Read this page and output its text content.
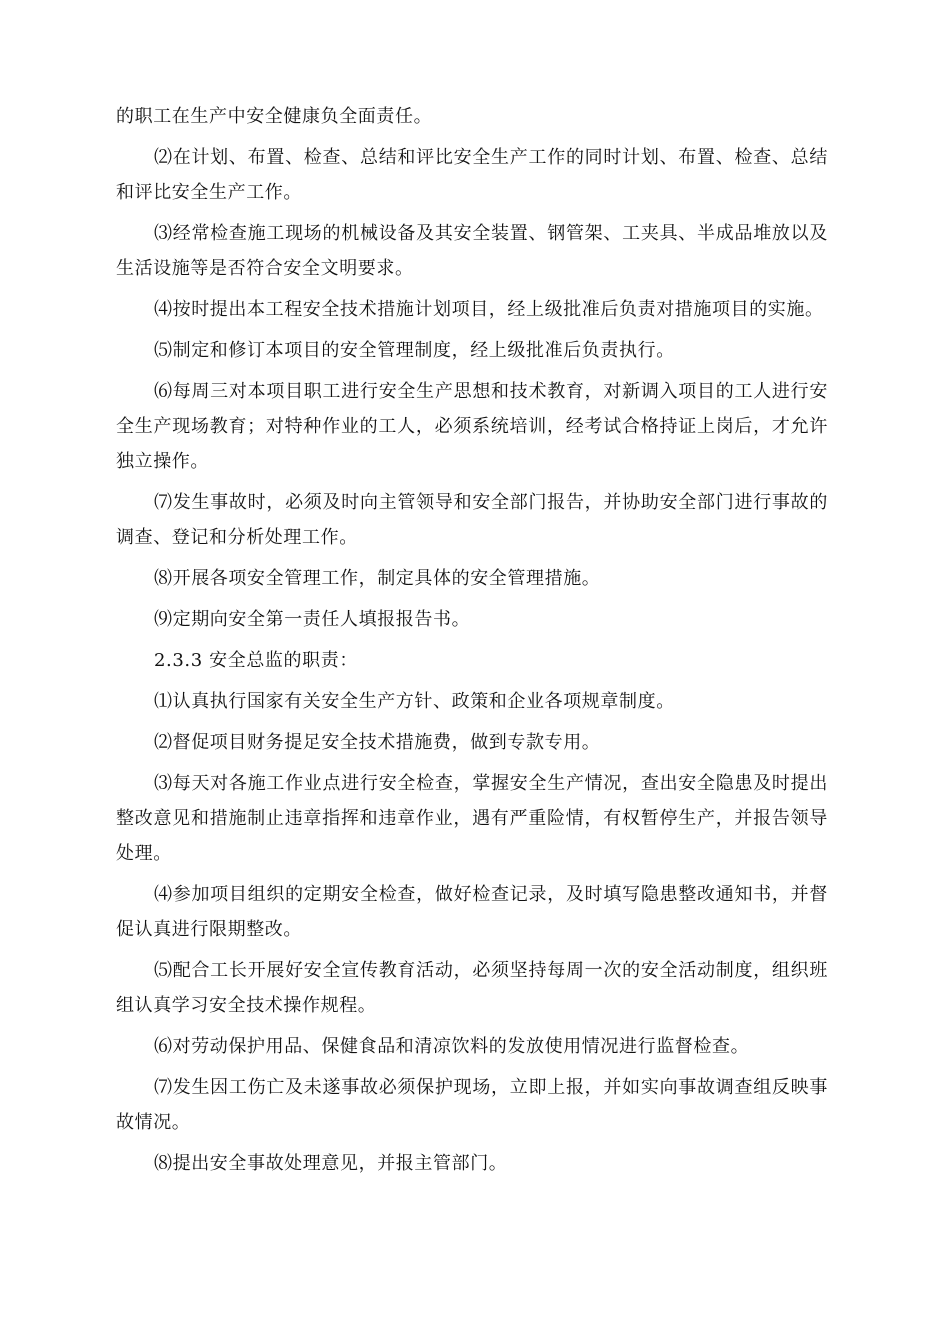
的职工在生产中安全健康负全面责任。

⑵在计划、布置、检查、总结和评比安全生产工作的同时计划、布置、检查、总结和评比安全生产工作。

⑶经常检查施工现场的机械设备及其安全装置、钢管架、工夹具、半成品堆放以及生活设施等是否符合安全文明要求。

⑷按时提出本工程安全技术措施计划项目，经上级批准后负责对措施项目的实施。

⑸制定和修订本项目的安全管理制度，经上级批准后负责执行。

⑹每周三对本项目职工进行安全生产思想和技术教育，对新调入项目的工人进行安全生产现场教育；对特种作业的工人，必须系统培训，经考试合格持证上岗后，才允许独立操作。

⑺发生事故时，必须及时向主管领导和安全部门报告，并协助安全部门进行事故的调查、登记和分析处理工作。

⑻开展各项安全管理工作，制定具体的安全管理措施。

⑼定期向安全第一责任人填报报告书。

2.3.3 安全总监的职责：

⑴认真执行国家有关安全生产方针、政策和企业各项规章制度。

⑵督促项目财务提足安全技术措施费，做到专款专用。

⑶每天对各施工作业点进行安全检查，掌握安全生产情况，查出安全隐患及时提出整改意见和措施制止违章指挥和违章作业，遇有严重险情，有权暂停生产，并报告领导处理。

⑷参加项目组织的定期安全检查，做好检查记录，及时填写隐患整改通知书，并督促认真进行限期整改。

⑸配合工长开展好安全宣传教育活动，必须坚持每周一次的安全活动制度，组织班组认真学习安全技术操作规程。

⑹对劳动保护用品、保健食品和清凉饮料的发放使用情况进行监督检查。

⑺发生因工伤亡及未遂事故必须保护现场，立即上报，并如实向事故调查组反映事故情况。

⑻提出安全事故处理意见，并报主管部门。
